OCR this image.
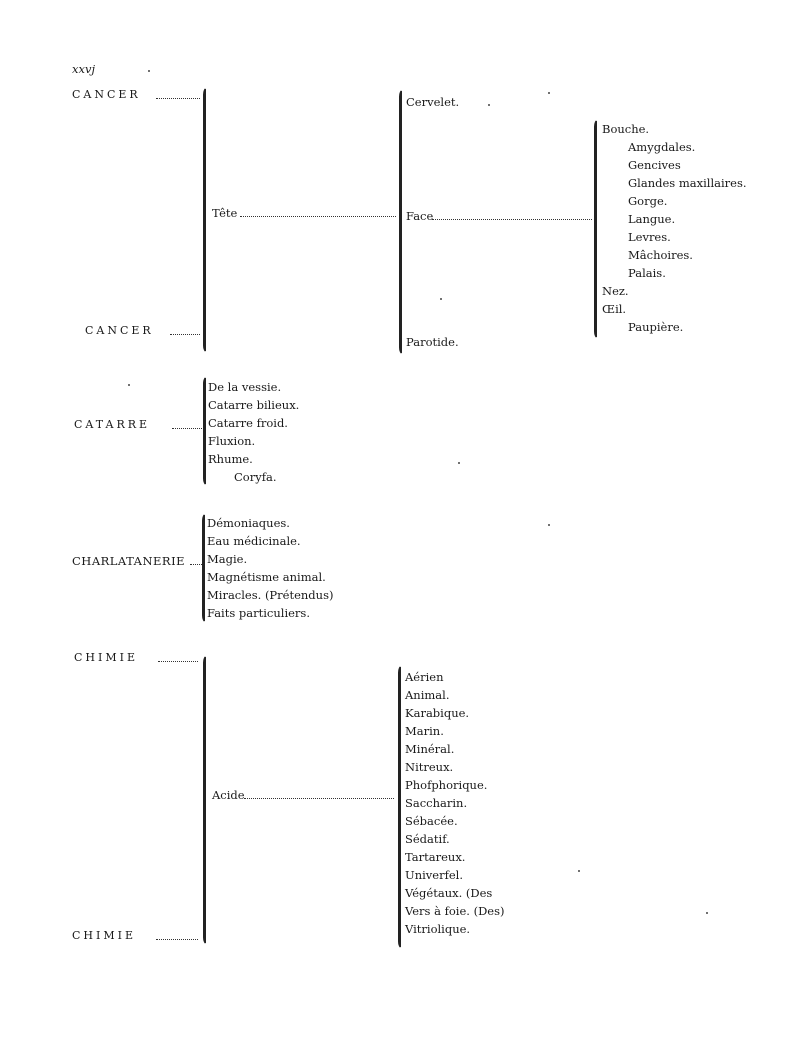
xxvj
CANCER
Tête
Cervelet.
Face
Parotide.
Bouche.
Amygdales.
Gencives
Glandes maxillaires.
Gorge.
Langue.
Levres.
Mâchoires.
Palais.
Nez.
Œil.
Paupière.
CANCER
CATARRE
De la vessie.
Catarre bilieux.
Catarre froid.
Fluxion.
Rhume.
Coryfa.
CHARLATANERIE
Démoniaques.
Eau médicinale.
Magie.
Magnétisme animal.
Miracles. (Prétendus)
Faits particuliers.
CHIMIE
Acide
Aérien
Animal.
Karabique.
Marin.
Minéral.
Nitreux.
Phofphorique.
Saccharin.
Sébacée.
Sédatif.
Tartareux.
Univerfel.
Végétaux. (Des
Vers à foie. (Des)
Vitriolique.
CHIMIE
